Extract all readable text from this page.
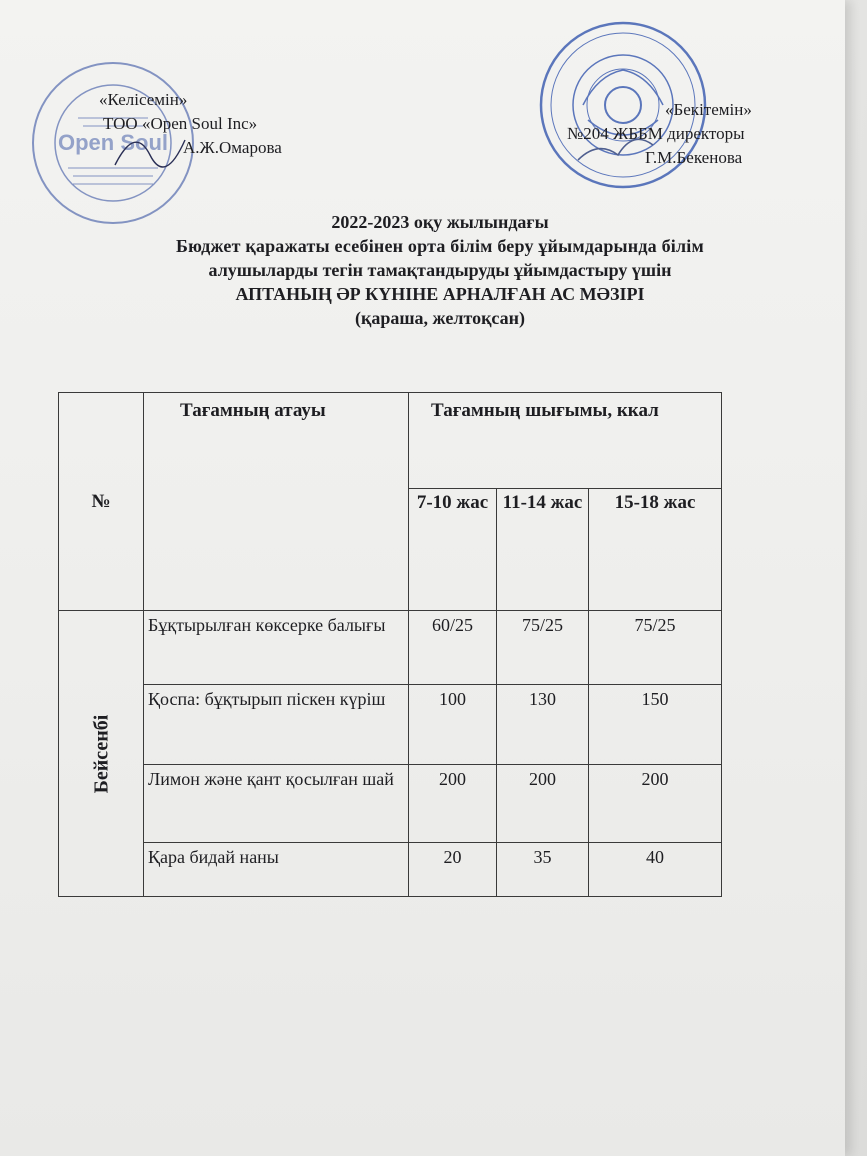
Open Soul
«Келісемін»
ТОО «Open Soul Inc»
А.Ж.Омарова
«Бекітемін»
№204 ЖББМ директоры
Г.М.Бекенова
2022-2023 оқу жылындағы
Бюджет қаражаты есебінен орта білім беру ұйымдарында білім
алушыларды тегін тамақтандыруды ұйымдастыру үшін
АПТАНЫҢ ӘР КҮНІНЕ АРНАЛҒАН АС МӘЗІРІ
(қараша, желтоқсан)
№	Тағамның атауы	Тағамның шығымы, ккал		
		7-10 жас	11-14 жас	15-18 жас
Бейсенбі	Бұқтырылған көксерке балығы	60/25	75/25	75/25
	Қоспа: бұқтырып піскен күріш	100	130	150
	Лимон және қант қосылған шай	200	200	200
	Қара бидай наны	20	35	40
